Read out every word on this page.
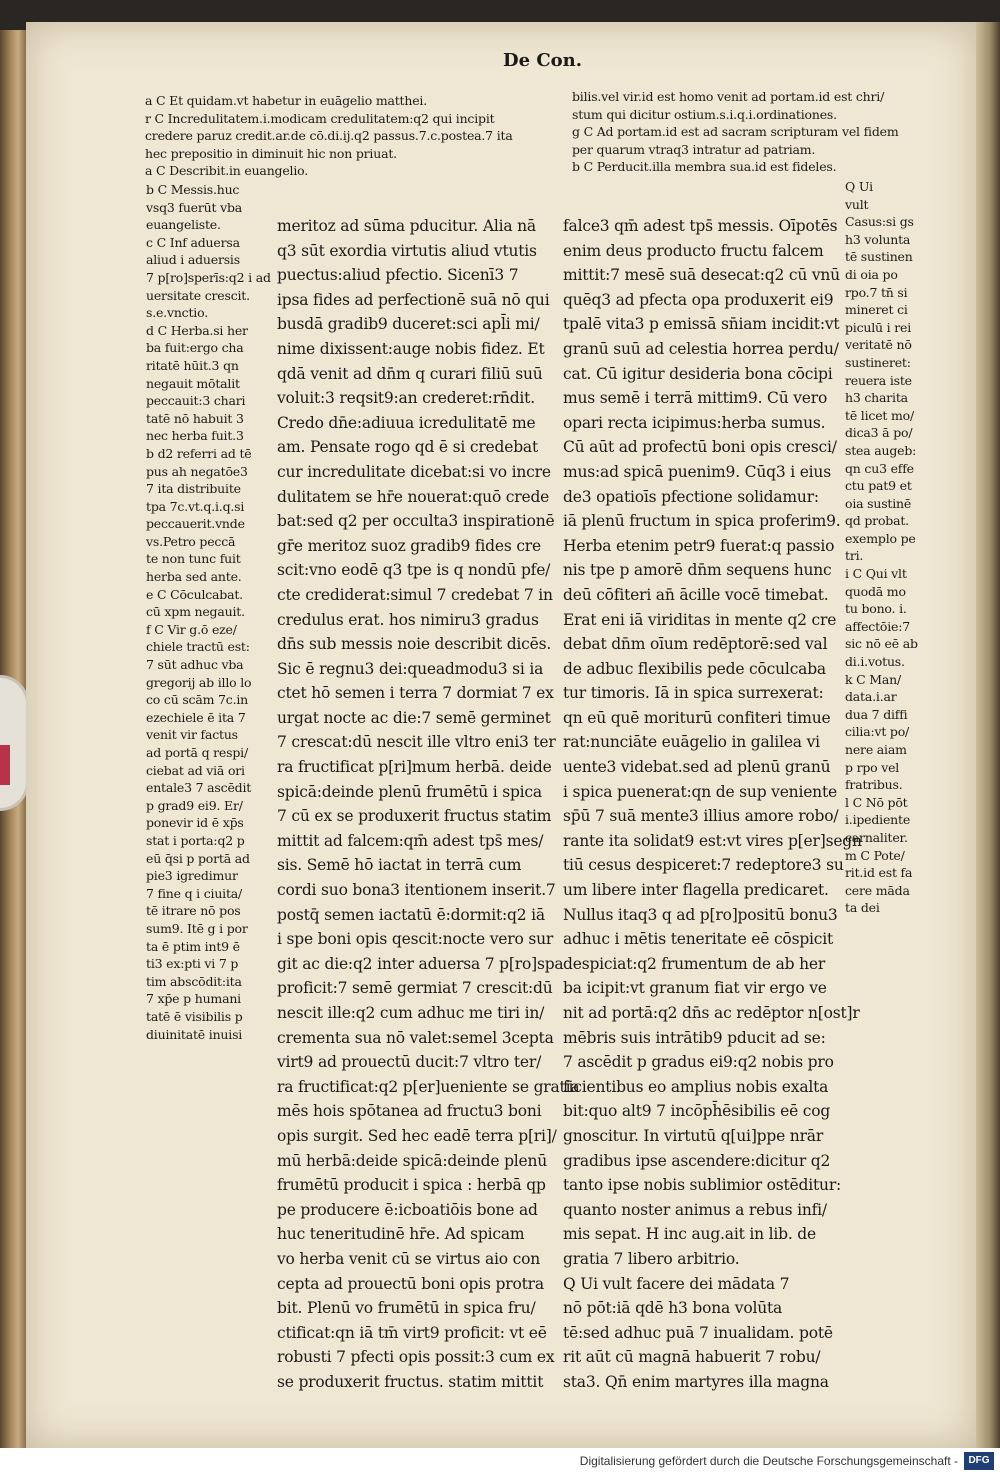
De Con.
a C Et quidam.vt habetur in euāgelio matthei.
r C Incredulitatem.i.modicam credulitatem:q2 qui incipit
credere paruz credit.ar.de cō.di.ij.q2 passus.7.c.postea.7 ita
hec prepositio in diminuit hic non priuat.
a C Describit.in euangelio.
bilis.vel vir.id est homo venit ad portam.id est chri/
stum qui dicitur ostium.s.i.q.i.ordinationes.
g C Ad portam.id est ad sacram scripturam vel fidem
per quarum vtraq3 intratur ad patriam.
b C Perducit.illa membra sua.id est fideles.
b C Messis.huc
vsq3 fuerūt vba
euangeliste.
c C Inf aduersa
aliud i aduersis
7 p[ro]sperīs:q2 i ad
uersitate crescit.
s.e.vnctio.
d C Herba.si her
ba fuit:ergo cha
ritatē hūit.3 qn
negauit mōtalit
peccauit:3 chari
tatē nō habuit 3
nec herba fuit.3
b d2 referri ad tē
pus ah negatōe3
7 ita distribuite
tpa 7c.vt.q.i.q.si
peccauerit.vnde
vs.Petro peccā
te non tunc fuit
herba sed ante.
e C Cōculcabat.
cū xpm negauit.
f C Vir g.ō eze/
chiele tractū est:
7 sūt adhuc vba
gregorij ab illo lo
co cū scām 7c.in
ezechiele ē ita 7
venit vir factus
ad portā q respi/
ciebat ad viā ori
entale3 7 ascēdit
p grad9 ei9. Er/
ponevir id ē xp̄s
stat i porta:q2 p
eū q̄si p portā ad
pie3 igredimur
7 fine q i ciuita/
tē itrare nō pos
sum9. Itē g i por
ta ē ptim int9 ē
ti3 ex:pti vi 7 p
tim abscōdit:ita
7 xp̄e p humani
tatē ē visibilis p
diuinitatē inuisi
meritoz ad sūma pducitur. Alia nā
q3 sūt exordia virtutis aliud vtutis
puectus:aliud pfectio. Sicenī3 7
ipsa fides ad perfectionē suā nō qui
busdā gradib9 duceret:sci apl̄i mi/
nime dixissent:auge nobis fidez. Et
qdā venit ad dn̄m q curari filiū suū
voluit:3 reqsit9:an crederet:rn̄dit.
Credo dn̄e:adiuua icredulitatē me
am. Pensate rogo qd ē si credebat
cur incredulitate dicebat:si vo incre
dulitatem se hr̄e nouerat:quō crede
bat:sed q2 per occulta3 inspirationē
gr̄e meritoz suoz gradib9 fides cre
scit:vno eodē q3 tpe is q nondū pfe/
cte crediderat:simul 7 credebat 7 in
credulus erat. hos nimiru3 gradus
dn̄s sub messis noie describit dicēs.
Sic ē regnu3 dei:queadmodu3 si ia
ctet hō semen i terra 7 dormiat 7 ex
urgat nocte ac die:7 semē germinet
7 crescat:dū nescit ille vltro eni3 ter
ra fructificat p[ri]mum herbā. deide
spicā:deinde plenū frumētū i spica
7 cū ex se produxerit fructus statim
mittit ad falcem:qm̄ adest tps̄ mes/
sis. Semē hō iactat in terrā cum
cordi suo bona3 itentionem inserit.7
postq̄ semen iactatū ē:dormit:q2 iā
i spe boni opis qescit:nocte vero sur
git ac die:q2 inter aduersa 7 p[ro]spa
proficit:7 semē germiat 7 crescit:dū
nescit ille:q2 cum adhuc me tiri in/
crementa sua nō valet:semel 3cepta
virt9 ad prouectū ducit:7 vltro ter/
ra fructificat:q2 p[er]ueniente se gratia
mēs hois spōtanea ad fructu3 boni
opis surgit. Sed hec eadē terra p[ri]/
mū herbā:deide spicā:deinde plenū
frumētū producit i spica : herbā qp
pe producere ē:icboatiōis bone ad
huc teneritudinē hr̄e. Ad spicam
vo herba venit cū se virtus aio con
cepta ad prouectū boni opis protra
bit. Plenū vo frumētū in spica fru/
ctificat:qn iā tm̄ virt9 proficit: vt eē
robusti 7 pfecti opis possit:3 cum ex
se produxerit fructus. statim mittit
falce3 qm̄ adest tps̄ messis. Oīpotēs
enim deus producto fructu falcem
mittit:7 mesē suā desecat:q2 cū vnū
quēq3 ad pfecta opa produxerit ei9
tpalē vita3 p emissā sn̄iam incidit:vt
granū suū ad celestia horrea perdu/
cat. Cū igitur desideria bona cōcipi
mus semē i terrā mittim9. Cū vero
opari recta icipimus:herba sumus.
Cū aūt ad profectū boni opis cresci/
mus:ad spicā puenim9. Cūq3 i eius
de3 opatioīs pfectione solidamur:
iā plenū fructum in spica proferim9.
Herba etenim petr9 fuerat:q passio
nis tpe p amorē dn̄m sequens hunc
deū cōfiteri an̄ ācille vocē timebat.
Erat eni iā viriditas in mente q2 cre
debat dn̄m oīum redēptorē:sed val
de adbuc flexibilis pede cōculcaba
tur timoris. Iā in spica surrexerat:
qn eū quē moriturū confiteri timue
rat:nunciāte euāgelio in galilea vi
uente3 videbat.sed ad plenū granū
i spica puenerat:qn de sup veniente
sp̄ū 7 suā mente3 illius amore robo/
rante ita solidat9 est:vt vires p[er]segn
tiū cesus despiceret:7 redeptore3 su
um libere inter flagella predicaret.
Nullus itaq3 q ad p[ro]positū bonu3
adhuc i mētis teneritate eē cōspicit
despiciat:q2 frumentum de ab her
ba icipit:vt granum fiat vir ergo ve
nit ad portā:q2 dn̄s ac redēptor n[ost]r
mēbris suis intrātib9 pducit ad se:
7 ascēdit p gradus ei9:q2 nobis pro
ficientibus eo amplius nobis exalta
bit:quo alt9 7 incōph̄ēsibilis eē cog
gnoscitur. In virtutū q[ui]ppe nrār
gradibus ipse ascendere:dicitur q2
tanto ipse nobis sublimior ostēditur:
quanto noster animus a rebus infi/
mis sepat. H inc aug.ait in lib. de
gratia 7 libero arbitrio.
Q Ui vult facere dei mādata 7
nō pōt:iā qdē h3 bona volūta
tē:sed adhuc puā 7 inualidam. potē
rit aūt cū magnā habuerit 7 robu/
sta3. Qn̄ enim martyres illa magna
Q Ui
vult
Casus:si gs
h3 volunta
tē sustinen
di oia po
rpo.7 tn̄ si
mineret ci
piculū i rei
veritatē nō
sustineret:
reuera iste
h3 charita
tē licet mo/
dica3 ā po/
stea augeb:
qn cu3 effe
ctu pat9 et
oia sustinē
qd probat.
exemplo pe
tri.
i C Qui vlt
quodā mo
tu bono. i.
affectōie:7
sic nō eē ab
di.i.votus.
k C Man/
data.i.ar
dua 7 diffi
cilia:vt po/
nere aiam
p rpo vel
fratribus.
l C Nō pōt
i.ipediente
carnaliter.
m C Pote/
rit.id est fa
cere māda
ta dei
Digitalisierung gefördert durch die Deutsche Forschungsgemeinschaft -	DFG
